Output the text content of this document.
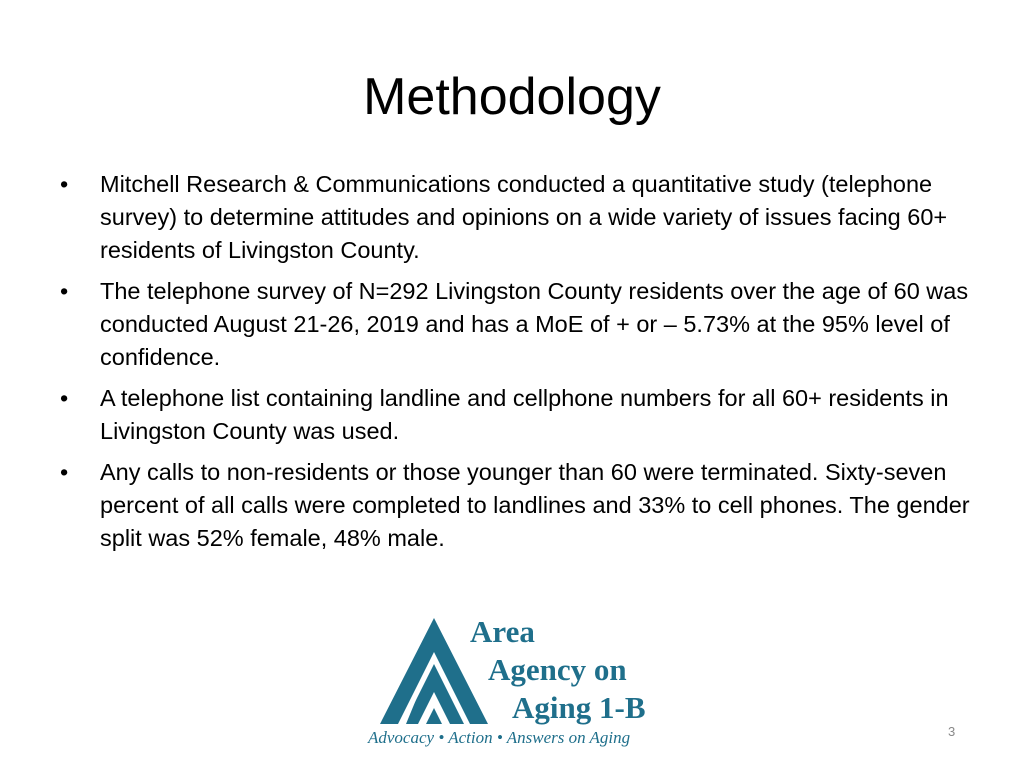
Methodology
•	Mitchell Research & Communications conducted a quantitative study (telephone survey) to determine attitudes and opinions on a wide variety of issues facing 60+ residents of Livingston County.
•	The telephone survey of N=292 Livingston County residents over the age of 60 was conducted August 21-26, 2019 and has a MoE of + or – 5.73% at the 95% level of confidence.
•	A telephone list containing landline and cellphone numbers for all 60+ residents in Livingston County was used.
•	Any calls to non-residents or those younger than 60 were terminated. Sixty-seven percent of all calls were completed to landlines and 33% to cell phones. The gender split was 52% female, 48% male.
Area
Agency on
Aging 1-B
Advocacy • Action • Answers on Aging	3
